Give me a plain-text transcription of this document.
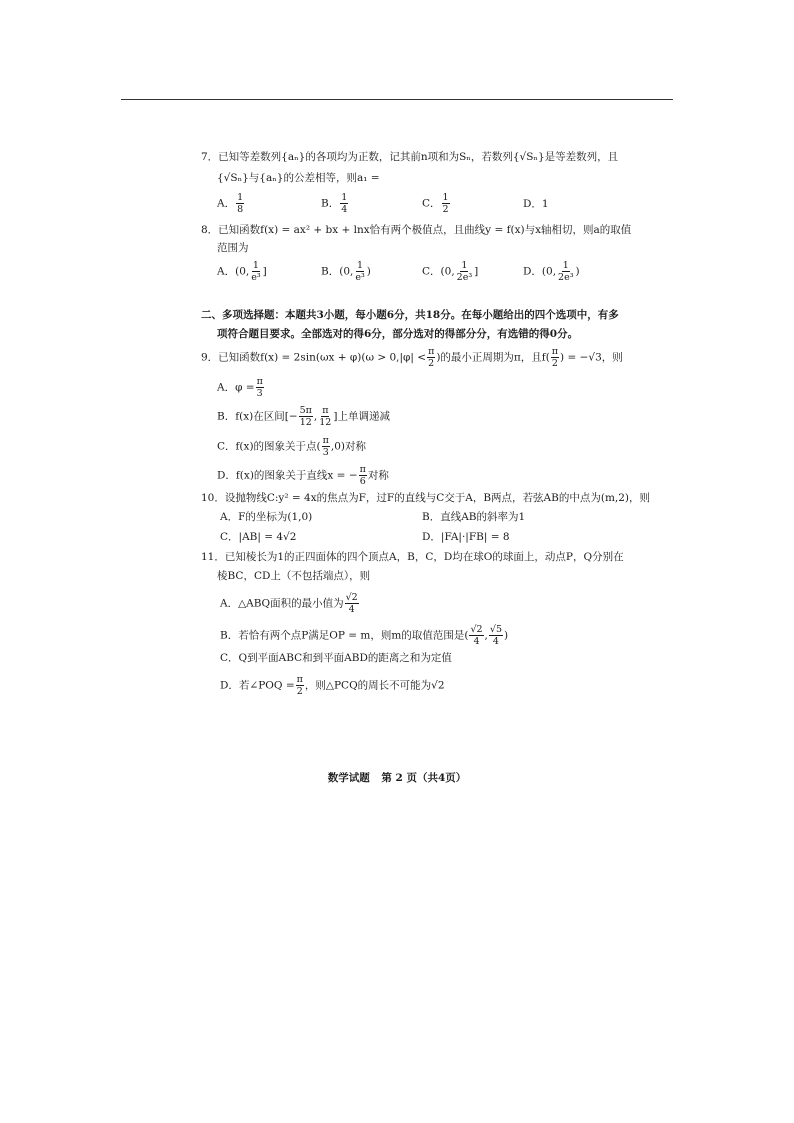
7．已知等差数列{aₙ}的各项均为正数，记其前n项和为Sₙ，若数列{√Sₙ}是等差数列，且
{√Sₙ}与{aₙ}的公差相等，则a₁ =
A． $\frac{1}{8}$	B． $\frac{1}{4}$	C． $\frac{1}{2}$	D．1
8．已知函数f(x) = ax² + bx + lnx恰有两个极值点，且曲线y = f(x)与x轴相切，则a的取值
范围为
A．(0, $\frac{1}{\text{e³}}$ ]	B．(0, $\frac{1}{\text{e³}}$ )	C．(0, $\frac{1}{\text{2e³}}$ ]	D．(0, $\frac{1}{\text{2e³}}$ )
二、多项选择题：本题共3小题，每小题6分，共18分。在每小题给出的四个选项中，有多
项符合题目要求。全部选对的得6分，部分选对的得部分分，有选错的得0分。
9．已知函数$f(x) = 2\sin(\omega x + \varphi)(\omega > 0,|\varphi| < \frac{\pi}{2}$ )的最小正周期为π，且$f( \frac{\pi}{2}$ ) = −√3，则
A．$\varphi = \frac{\pi}{3}$
B．f(x)在区间[− $\frac{5\pi}{12}$ , $\frac{\pi}{12}$ ]上单调递减
C．f(x)的图象关于点( $\frac{\pi}{3} ,0$)对称
D．f(x)的图象关于直线x = − $\frac{\pi}{6}$ 对称
10．设抛物线C:y² = 4x的焦点为F，过F的直线与C交于A，B两点，若弦AB的中点为(m,2)，则
A．F的坐标为(1,0)	B．直线AB的斜率为1
C．|AB| = 4√2	D．|FA|·|FB| = 8
11．已知棱长为1的正四面体的四个顶点A，B，C，D均在球O的球面上，动点P，Q分别在
棱BC，CD上（不包括端点），则
A．△ABQ面积的最小值为 $\frac{√2}{4}$
B．若恰有两个点P满足OP = m，则m的取值范围是( $\frac{√2}{4}$ , $\frac{√5}{4}$ )
C．Q到平面ABC和到平面ABD的距离之和为定值
D．若∠POQ = $\frac{\pi}{2}$ ，则△PCQ的周长不可能为√2
数学试题 第 2 页（共4页）
